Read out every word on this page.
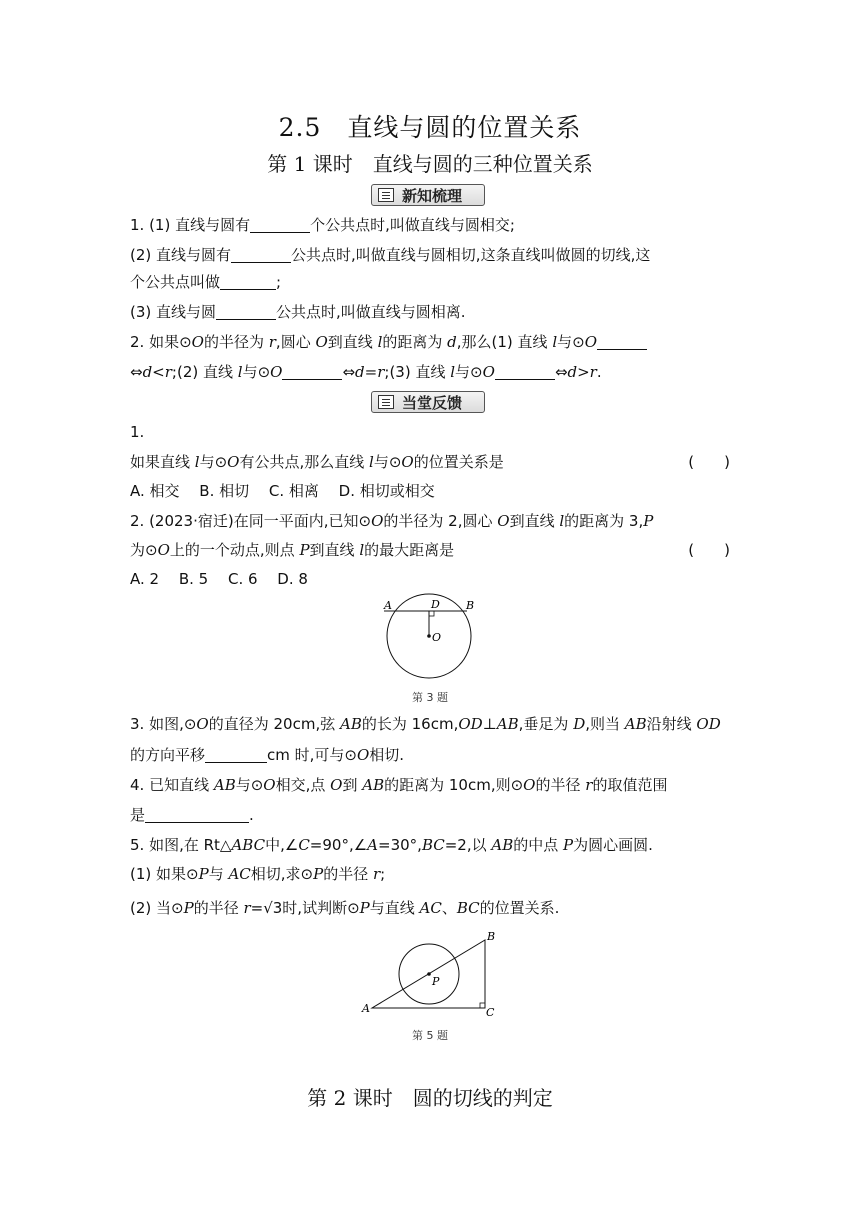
2.5　直线与圆的位置关系
第 1 课时　直线与圆的三种位置关系
新知梳理
1. (1) 直线与圆有	个公共点时,叫做直线与圆相交;
(2) 直线与圆有	公共点时,叫做直线与圆相切,这条直线叫做圆的切线,这
个公共点叫做	;
(3) 直线与圆	公共点时,叫做直线与圆相离.
2. 如果⊙O的半径为 r,圆心 O到直线 l的距离为 d,那么(1) 直线 l与⊙O
⇔d<r;(2) 直线 l与⊙O	⇔d=r;(3) 直线 l与⊙O	⇔d>r.
当堂反馈
1.
如果直线 l与⊙O有公共点,那么直线 l与⊙O的位置关系是	(　　)
A. 相交　 B. 相切　 C. 相离　 D. 相切或相交
2. (2023·宿迁)在同一平面内,已知⊙O的半径为 2,圆心 O到直线 l的距离为 3,P
为⊙O上的一个动点,则点 P到直线 l的最大距离是	(　　)
A. 2　 B. 5　 C. 6　 D. 8
A	D B
O
第 3 题
3. 如图,⊙O的直径为 20cm,弦 AB的长为 16cm,OD⊥AB,垂足为 D,则当 AB沿射线 OD
的方向平移	cm 时,可与⊙O相切.
4. 已知直线 AB与⊙O相交,点 O到 AB的距离为 10cm,则⊙O的半径 r的取值范围
是	.
5. 如图,在 Rt△ABC中,∠C=90°,∠A=30°,BC=2,以 AB的中点 P为圆心画圆.
(1) 如果⊙P与 AC相切,求⊙P的半径 r;
(2) 当⊙P的半径 r=√3时,试判断⊙P与直线 AC、BC的位置关系.
A
B
C
P
第 5 题
第 2 课时　圆的切线的判定
